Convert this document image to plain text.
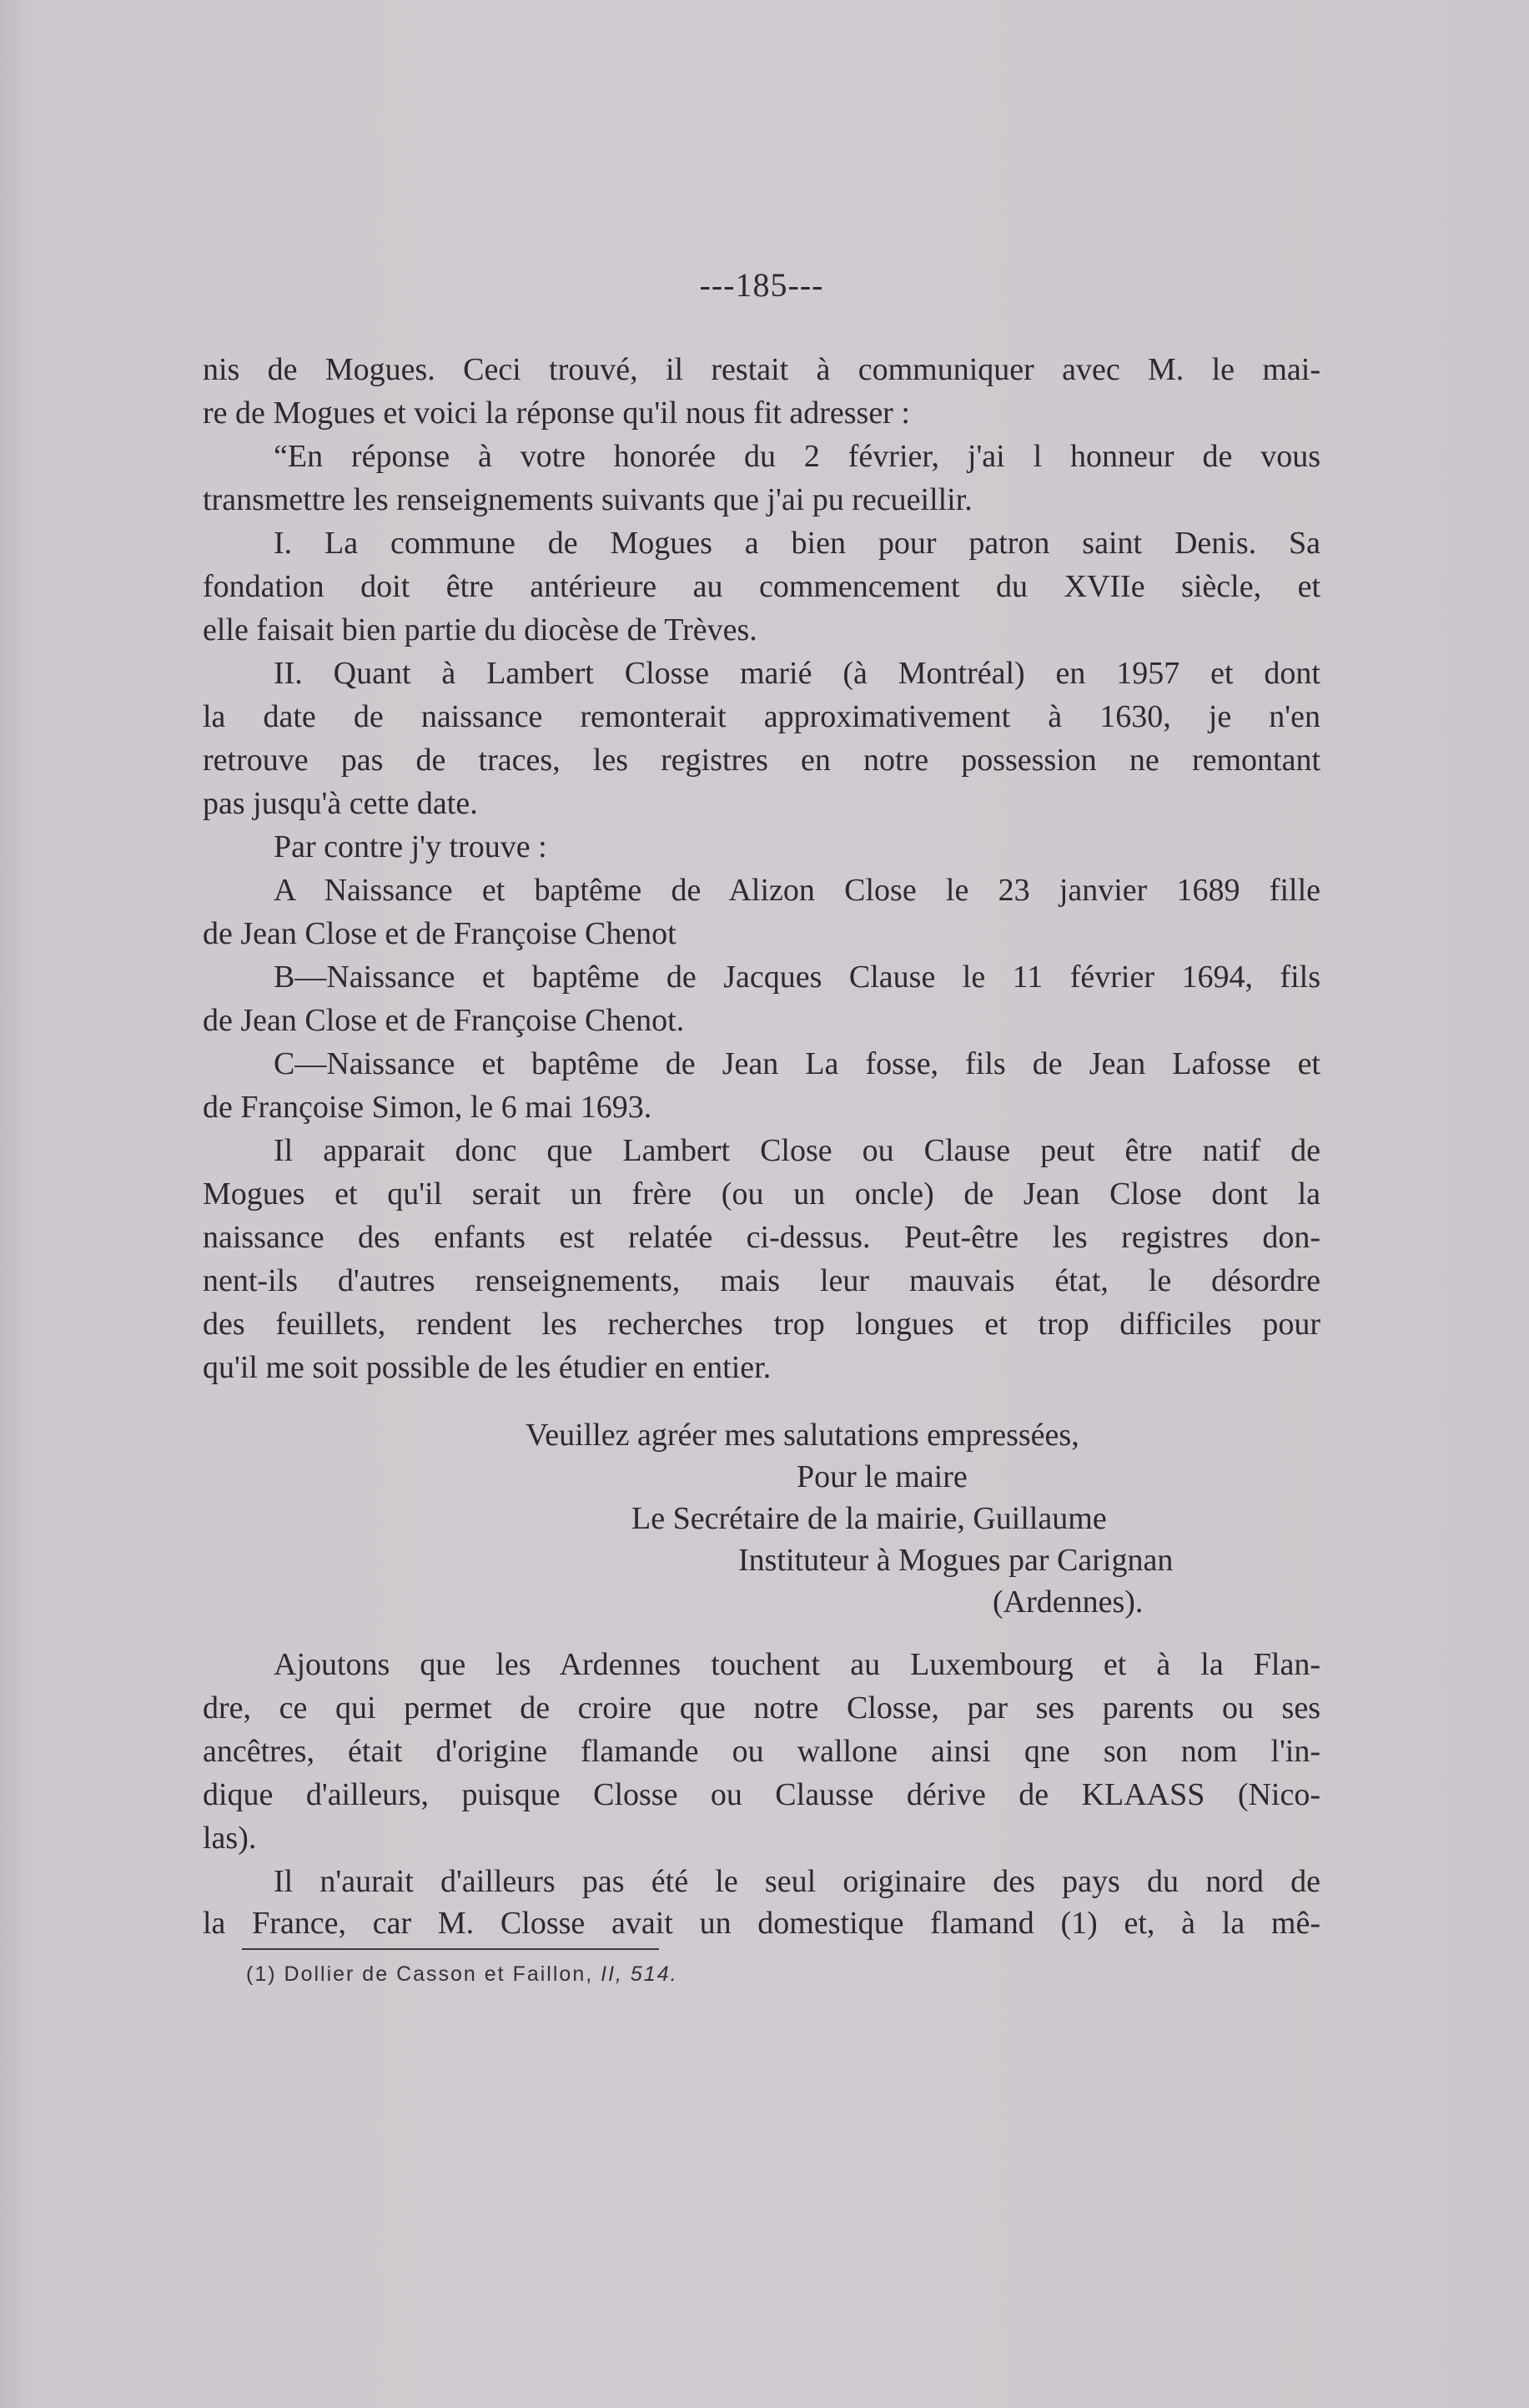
---185---
nis de Mogues. Ceci trouvé, il restait à communiquer avec M. le mai-
re de Mogues et voici la réponse qu'il nous fit adresser :
“En réponse à votre honorée du 2 février, j'ai l honneur de vous
transmettre les renseignements suivants que j'ai pu recueillir.
I. La commune de Mogues a bien pour patron saint Denis. Sa
fondation doit être antérieure au commencement du XVIIe siècle, et
elle faisait bien partie du diocèse de Trèves.
II. Quant à Lambert Closse marié (à Montréal) en 1957 et dont
la date de naissance remonterait approximativement à 1630, je n'en
retrouve pas de traces, les registres en notre possession ne remontant
pas jusqu'à cette date.
Par contre j'y trouve :
A Naissance et baptême de Alizon Close le 23 janvier 1689 fille
de Jean Close et de Françoise Chenot
B—Naissance et baptême de Jacques Clause le 11 février 1694, fils
de Jean Close et de Françoise Chenot.
C—Naissance et baptême de Jean La fosse, fils de Jean Lafosse et
de Françoise Simon, le 6 mai 1693.
Il apparait donc que Lambert Close ou Clause peut être natif de
Mogues et qu'il serait un frère (ou un oncle) de Jean Close dont la
naissance des enfants est relatée ci-dessus. Peut-être les registres don-
nent-ils d'autres renseignements, mais leur mauvais état, le désordre
des feuillets, rendent les recherches trop longues et trop difficiles pour
qu'il me soit possible de les étudier en entier.
Veuillez agréer mes salutations empressées,
Pour le maire
Le Secrétaire de la mairie, Guillaume
Instituteur à Mogues par Carignan
(Ardennes).
Ajoutons que les Ardennes touchent au Luxembourg et à la Flan-
dre, ce qui permet de croire que notre Closse, par ses parents ou ses
ancêtres, était d'origine flamande ou wallone ainsi qne son nom l'in-
dique d'ailleurs, puisque Closse ou Clausse dérive de KLAASS (Nico-
las).
Il n'aurait d'ailleurs pas été le seul originaire des pays du nord de
la France, car M. Closse avait un domestique flamand (1) et, à la mê-
(1) Dollier de Casson et Faillon, II, 514.
